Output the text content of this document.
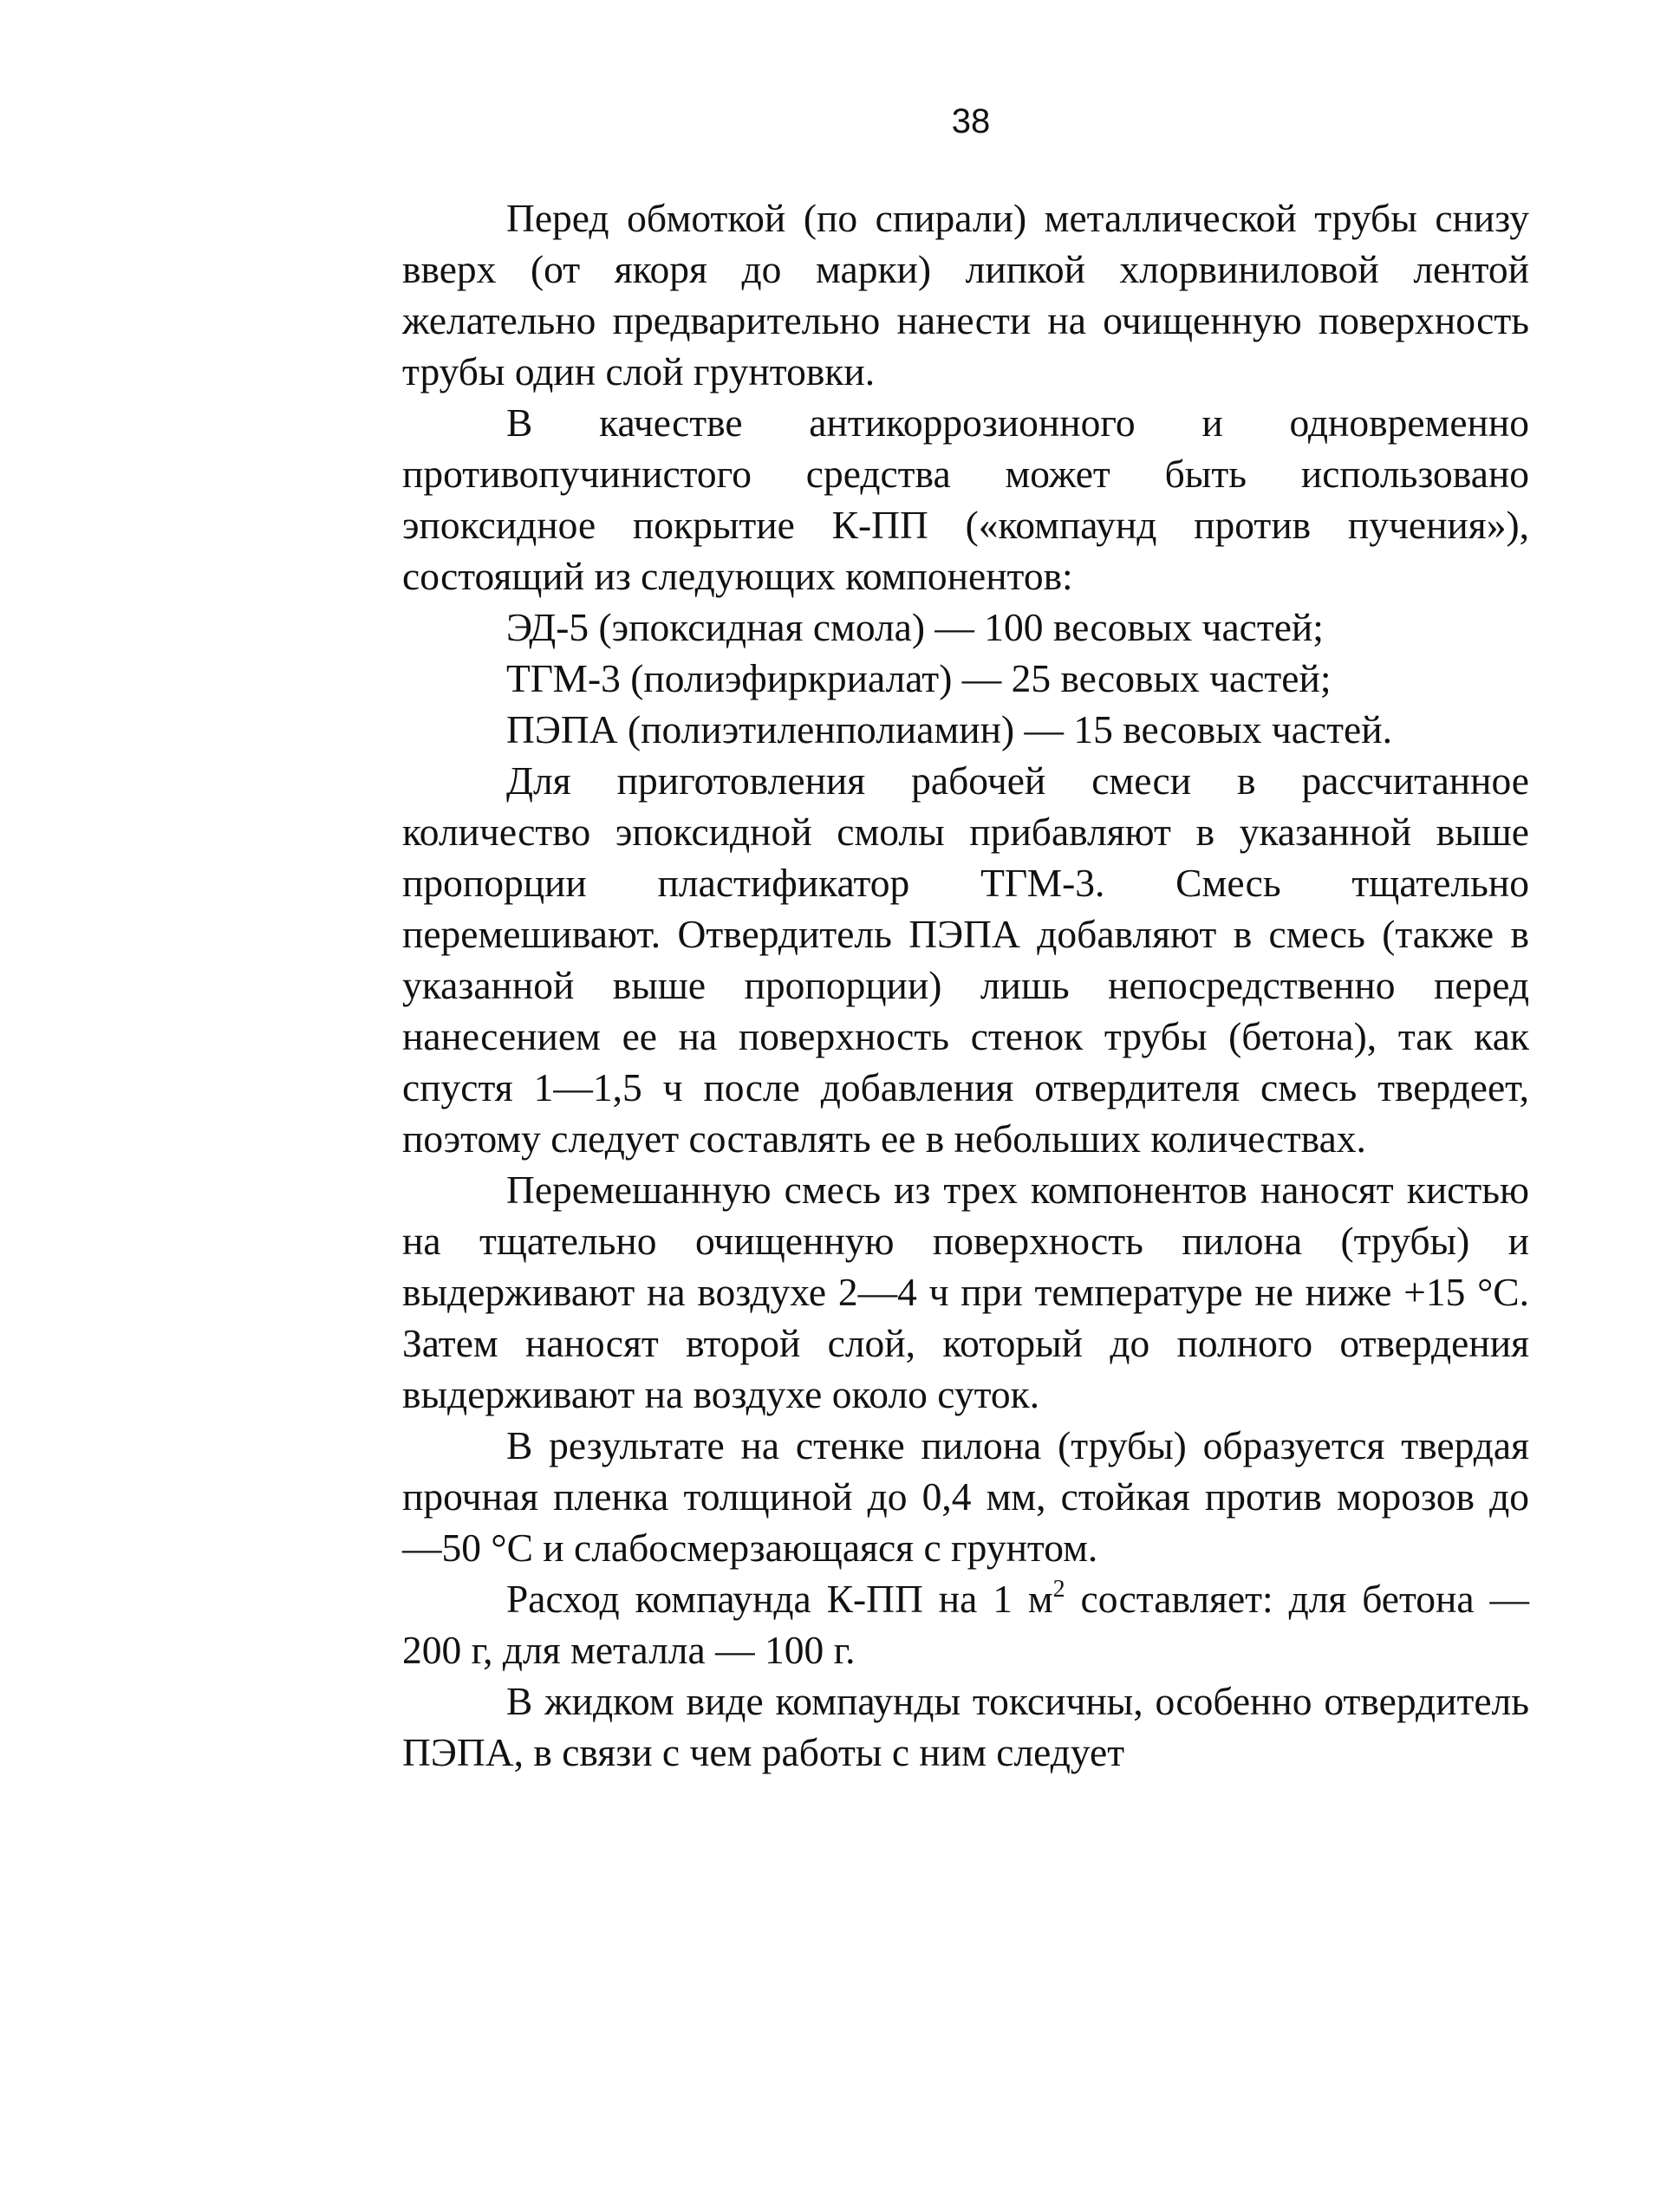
38

Перед обмоткой (по спирали) металлической трубы снизу вверх (от якоря до марки) липкой хлорвиниловой лентой желательно предварительно нанести на очищенную поверхность трубы один слой грунтовки.

В качестве антикоррозионного и одновременно противопучинистого средства может быть использовано эпоксидное покрытие К-ПП («компаунд против пучения»), состоящий из следующих компонентов:

ЭД-5 (эпоксидная смола) — 100 весовых частей;

ТГМ-3 (полиэфиркриалат) — 25 весовых частей;

ПЭПА (полиэтиленполиамин) — 15 весовых частей.

Для приготовления рабочей смеси в рассчитанное количество эпоксидной смолы прибавляют в указанной выше пропорции пластификатор ТГМ-3. Смесь тщательно перемешивают. Отвердитель ПЭПА добавляют в смесь (также в указанной выше пропорции) лишь непосредственно перед нанесением ее на поверхность стенок трубы (бетона), так как спустя 1—1,5 ч после добавления отвердителя смесь твердеет, поэтому следует составлять ее в небольших количествах.

Перемешанную смесь из трех компонентов наносят кистью на тщательно очищенную поверхность пилона (трубы) и выдерживают на воздухе 2—4 ч при температуре не ниже +15 °С. Затем наносят второй слой, который до полного отвердения выдерживают на воздухе около суток.

В результате на стенке пилона (трубы) образуется твердая прочная пленка толщиной до 0,4 мм, стойкая против морозов до —50 °С и слабосмерзающаяся с грунтом.

Расход компаунда К-ПП на 1 $м^2$ составляет: для бетона — 200 г, для металла — 100 г.

В жидком виде компаунды токсичны, особенно отвердитель ПЭПА, в связи с чем работы с ним следует
